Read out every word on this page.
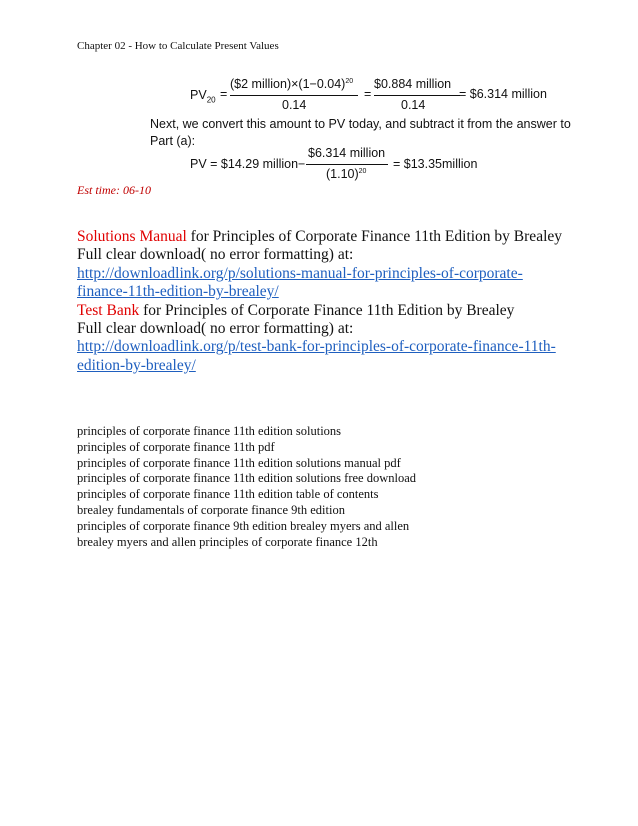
Chapter 02 - How to Calculate Present Values
$PV_{20}$ =
($2 $million)\times(1-0.04)^{20}$
0.14
=
$0.884 million
0.14
= $6.314 million
Next, we convert this amount to PV today, and subtract it from the answer to Part (a):
PV = $14.29 million−
$6.314 million
$(1.10)^{20}$
= $13.35million
Est time: 06-10
Solutions Manual for Principles of Corporate Finance 11th Edition by Brealey
Full clear download( no error formatting) at:
http://downloadlink.org/p/solutions-manual-for-principles-of-corporate-finance-11th-edition-by-brealey/
Test Bank for Principles of Corporate Finance 11th Edition by Brealey
Full clear download( no error formatting) at:
http://downloadlink.org/p/test-bank-for-principles-of-corporate-finance-11th-edition-by-brealey/
principles of corporate finance 11th edition solutions
principles of corporate finance 11th pdf
principles of corporate finance 11th edition solutions manual pdf
principles of corporate finance 11th edition solutions free download
principles of corporate finance 11th edition table of contents
brealey fundamentals of corporate finance 9th edition
principles of corporate finance 9th edition brealey myers and allen
brealey myers and allen principles of corporate finance 12th
